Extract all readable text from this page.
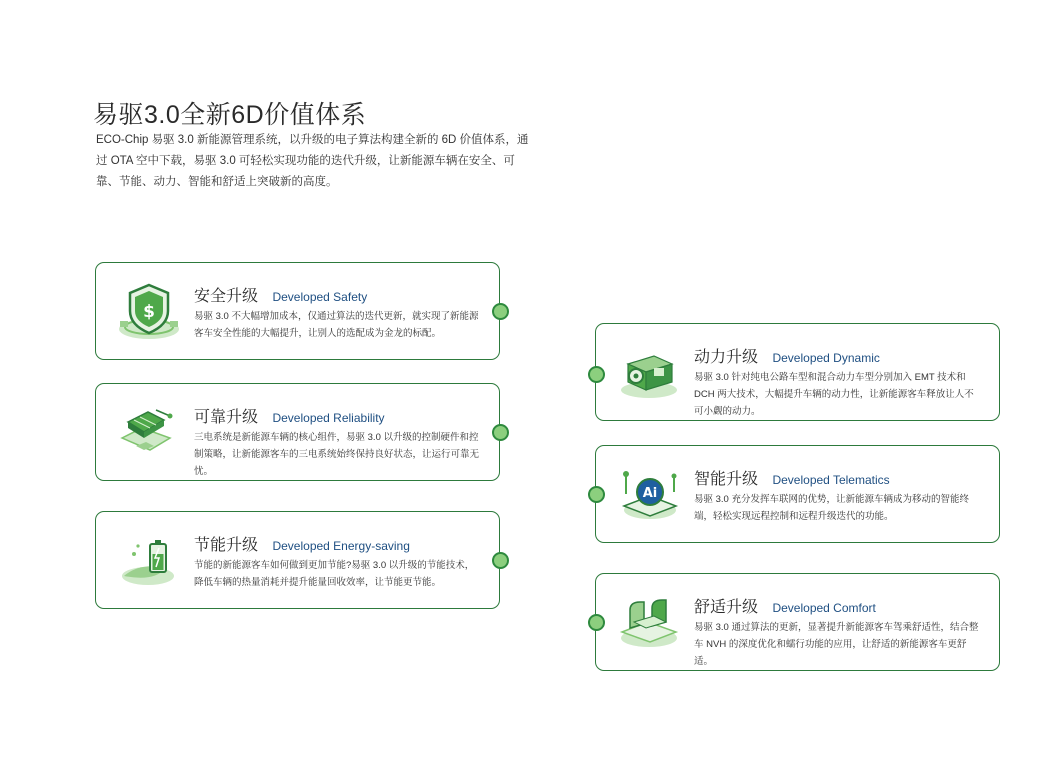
易驱3.0全新6D价值体系

ECO-Chip 易驱 3.0 新能源管理系统，以升级的电子算法构建全新的 6D 价值体系，通过 OTA 空中下载，易驱 3.0 可轻松实现功能的迭代升级，让新能源车辆在安全、可靠、节能、动力、智能和舒适上突破新的高度。

$
安全升级 Developed Safety
易驱 3.0 不大幅增加成本，仅通过算法的迭代更新，就实现了新能源客车安全性能的大幅提升，让别人的选配成为金龙的标配。
可靠升级 Developed Reliability
三电系统是新能源车辆的核心组件，易驱 3.0 以升级的控制硬件和控制策略，让新能源客车的三电系统始终保持良好状态，让运行可靠无忧。
节能升级 Developed Energy-saving
节能的新能源客车如何做到更加节能?易驱 3.0 以升级的节能技术，降低车辆的热量消耗并提升能量回收效率，让节能更节能。
动力升级 Developed Dynamic
易驱 3.0 针对纯电公路车型和混合动力车型分别加入 EMT 技术和 DCH 两大技术，大幅提升车辆的动力性，让新能源客车释放让人不可小觑的动力。
Ai
智能升级 Developed Telematics
易驱 3.0 充分发挥车联网的优势，让新能源车辆成为移动的智能终端，轻松实现远程控制和远程升级迭代的功能。
舒适升级 Developed Comfort
易驱 3.0 通过算法的更新，显著提升新能源客车驾乘舒适性，结合整车 NVH 的深度优化和蠕行功能的应用，让舒适的新能源客车更舒适。
